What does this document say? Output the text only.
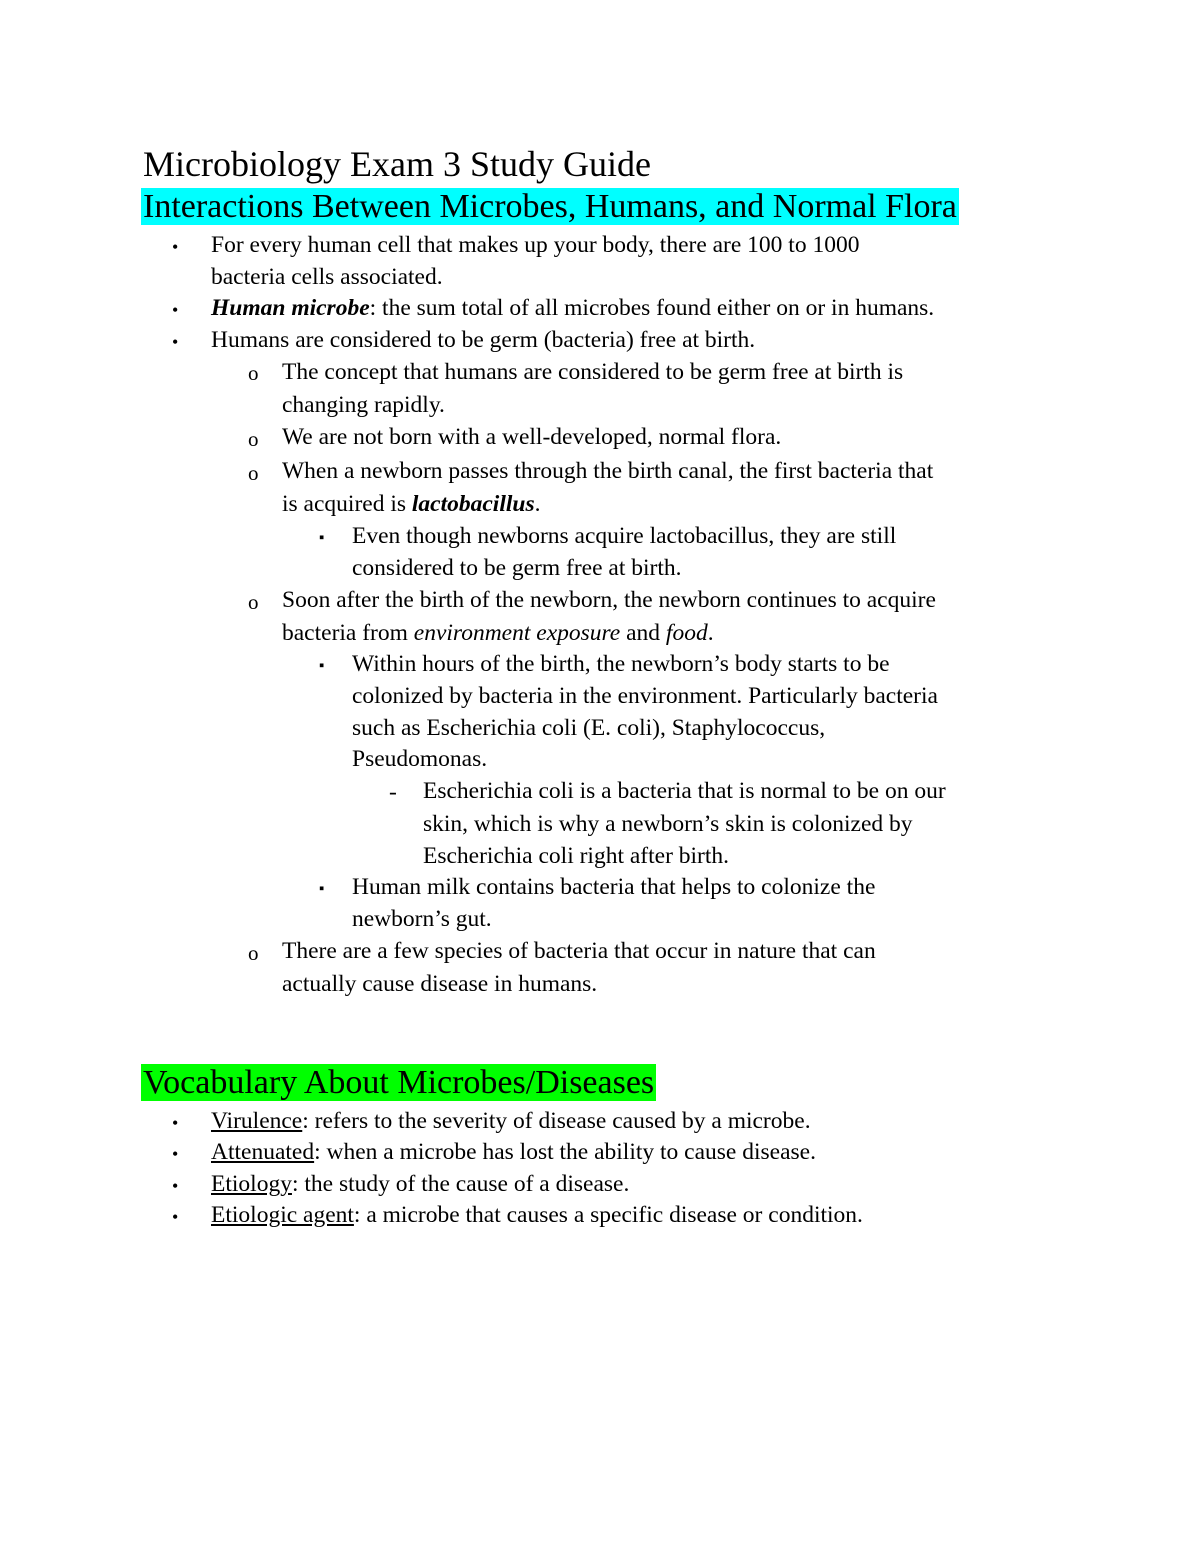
Microbiology Exam 3 Study Guide
Interactions Between Microbes, Humans, and Normal Flora
• For every human cell that makes up your body, there are 100 to 1000
bacteria cells associated.
• Human microbe: the sum total of all microbes found either on or in humans.
• Humans are considered to be germ (bacteria) free at birth.
o The concept that humans are considered to be germ free at birth is
changing rapidly.
o We are not born with a well-developed, normal flora.
o When a newborn passes through the birth canal, the first bacteria that
is acquired is lactobacillus.
▪ Even though newborns acquire lactobacillus, they are still
considered to be germ free at birth.
o Soon after the birth of the newborn, the newborn continues to acquire
bacteria from environment exposure and food.
▪ Within hours of the birth, the newborn’s body starts to be
colonized by bacteria in the environment. Particularly bacteria
such as Escherichia coli (E. coli), Staphylococcus,
Pseudomonas.
- Escherichia coli is a bacteria that is normal to be on our
skin, which is why a newborn’s skin is colonized by
Escherichia coli right after birth.
▪ Human milk contains bacteria that helps to colonize the
newborn’s gut.
o There are a few species of bacteria that occur in nature that can
actually cause disease in humans.
Vocabulary About Microbes/Diseases
• Virulence: refers to the severity of disease caused by a microbe.
• Attenuated: when a microbe has lost the ability to cause disease.
• Etiology: the study of the cause of a disease.
• Etiologic agent: a microbe that causes a specific disease or condition.
